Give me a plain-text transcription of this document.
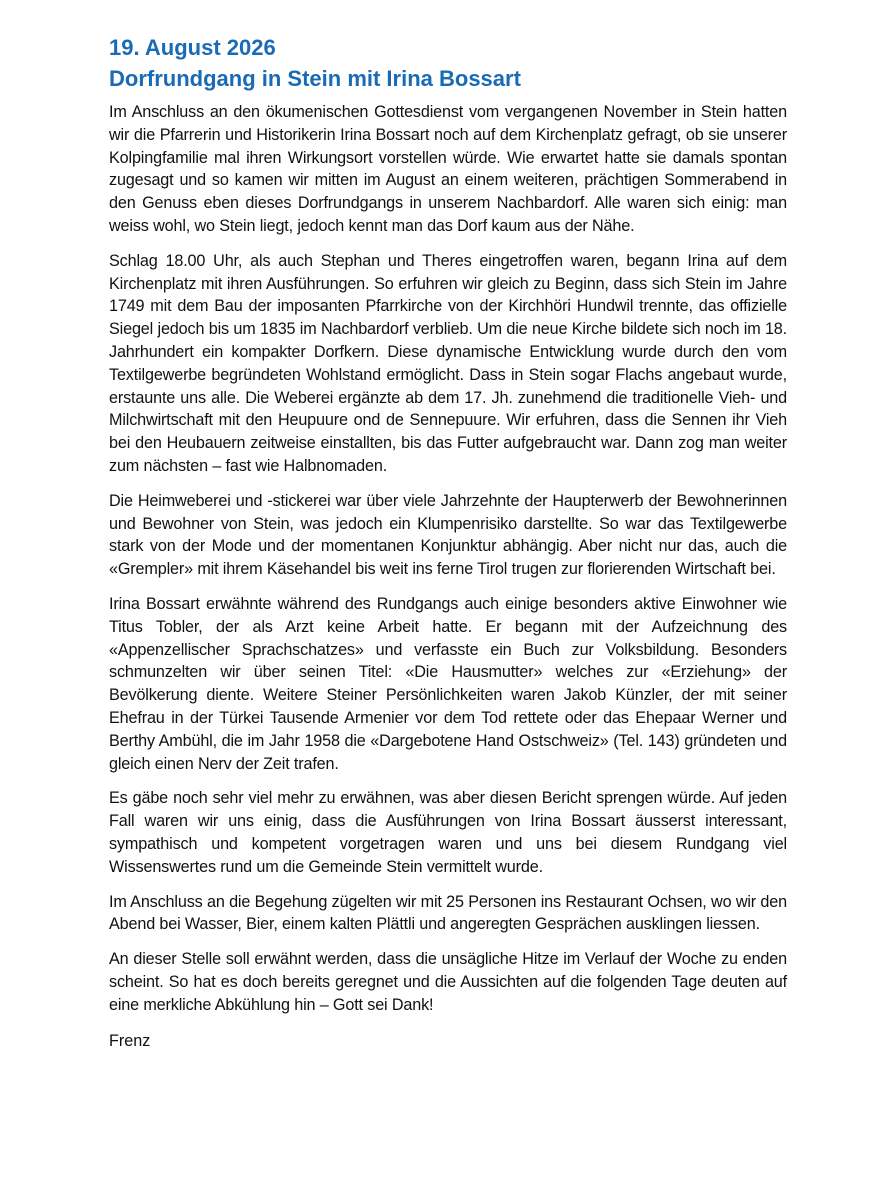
19. August 2026
Dorfrundgang in Stein mit Irina Bossart

Im Anschluss an den ökumenischen Gottesdienst vom vergangenen November in Stein hatten wir die Pfarrerin und Historikerin Irina Bossart noch auf dem Kirchenplatz gefragt, ob sie unserer Kolpingfamilie mal ihren Wirkungsort vorstellen würde. Wie erwartet hatte sie damals spontan zugesagt und so kamen wir mitten im August an einem weiteren, prächtigen Sommerabend in den Genuss eben dieses Dorfrundgangs in unserem Nachbardorf. Alle waren sich einig: man weiss wohl, wo Stein liegt, jedoch kennt man das Dorf kaum aus der Nähe.

Schlag 18.00 Uhr, als auch Stephan und Theres eingetroffen waren, begann Irina auf dem Kirchenplatz mit ihren Ausführungen. So erfuhren wir gleich zu Beginn, dass sich Stein im Jahre 1749 mit dem Bau der imposanten Pfarrkirche von der Kirchhöri Hundwil trennte, das offizielle Siegel jedoch bis um 1835 im Nachbardorf verblieb. Um die neue Kirche bildete sich noch im 18. Jahrhundert ein kompakter Dorfkern. Diese dynamische Entwicklung wurde durch den vom Textilgewerbe begründeten Wohlstand ermöglicht. Dass in Stein sogar Flachs angebaut wurde, erstaunte uns alle. Die Weberei ergänzte ab dem 17. Jh. zunehmend die traditionelle Vieh- und Milchwirtschaft mit den Heupuure ond de Sennepuure. Wir erfuhren, dass die Sennen ihr Vieh bei den Heubauern zeitweise einstallten, bis das Futter aufgebraucht war. Dann zog man weiter zum nächsten – fast wie Halbnomaden.

Die Heimweberei und -stickerei war über viele Jahrzehnte der Haupterwerb der Bewohnerinnen und Bewohner von Stein, was jedoch ein Klumpenrisiko darstellte. So war das Textilgewerbe stark von der Mode und der momentanen Konjunktur abhängig. Aber nicht nur das, auch die «Grempler» mit ihrem Käsehandel bis weit ins ferne Tirol trugen zur florierenden Wirtschaft bei.

Irina Bossart erwähnte während des Rundgangs auch einige besonders aktive Einwohner wie Titus Tobler, der als Arzt keine Arbeit hatte. Er begann mit der Aufzeichnung des «Appenzellischer Sprachschatzes» und verfasste ein Buch zur Volksbildung. Besonders schmunzelten wir über seinen Titel: «Die Hausmutter» welches zur «Erziehung» der Bevölkerung diente. Weitere Steiner Persönlichkeiten waren Jakob Künzler, der mit seiner Ehefrau in der Türkei Tausende Armenier vor dem Tod rettete oder das Ehepaar Werner und Berthy Ambühl, die im Jahr 1958 die «Dargebotene Hand Ostschweiz» (Tel. 143) gründeten und gleich einen Nerv der Zeit trafen.

Es gäbe noch sehr viel mehr zu erwähnen, was aber diesen Bericht sprengen würde. Auf jeden Fall waren wir uns einig, dass die Ausführungen von Irina Bossart äusserst interessant, sympathisch und kompetent vorgetragen waren und uns bei diesem Rundgang viel Wissenswertes rund um die Gemeinde Stein vermittelt wurde.

Im Anschluss an die Begehung zügelten wir mit 25 Personen ins Restaurant Ochsen, wo wir den Abend bei Wasser, Bier, einem kalten Plättli und angeregten Gesprächen ausklingen liessen.

An dieser Stelle soll erwähnt werden, dass die unsägliche Hitze im Verlauf der Woche zu enden scheint. So hat es doch bereits geregnet und die Aussichten auf die folgenden Tage deuten auf eine merkliche Abkühlung hin – Gott sei Dank!

Frenz
